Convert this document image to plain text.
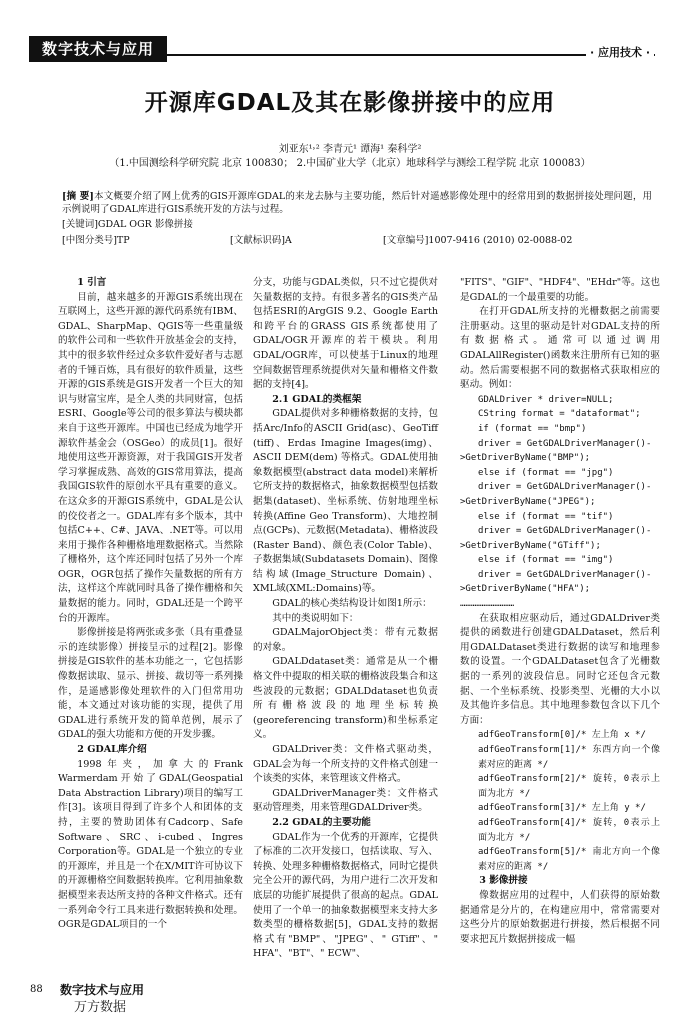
数字技术与应用	· 应用技术 ·
开源库GDAL及其在影像拼接中的应用
刘亚东¹˒² 李青元¹ 谭海¹ 秦科学²
（1.中国测绘科学研究院 北京 100830； 2.中国矿业大学（北京）地球科学与测绘工程学院 北京 100083）
[摘 要]本文概要介绍了网上优秀的GIS开源库GDAL的来龙去脉与主要功能，然后针对遥感影像处理中的经常用到的数据拼接处理问题，用示例说明了GDAL库进行GIS系统开发的方法与过程。
[关键词]GDAL OGR 影像拼接
[中图分类号]TP	[文献标识码]A	[文章编号]1007-9416 (2010) 02-0088-02
1 引言

目前，越来越多的开源GIS系统出现在互联网上，这些开源的源代码系统有IBM、GDAL、SharpMap、QGIS等一些重量级的软件公司和一些软件开放基金会的支持，其中的很多软件经过众多软件爱好者与志愿者的千锤百炼，具有很好的软件质量，这些开源的GIS系统是GIS开发者一个巨大的知识与财富宝库，是全人类的共同财富，包括ESRI、Google等公司的很多算法与模块都来自于这些开源库。中国也已经成为地学开源软件基金会（OSGeo）的成员[1]。很好地使用这些开源资源，对于我国GIS开发者学习掌握成熟、高效的GIS常用算法，提高我国GIS软件的原创水平具有重要的意义。在这众多的开源GIS系统中，GDAL是公认的佼佼者之一。GDAL库有多个版本，其中包括C++、C#、JAVA、.NET等。可以用来用于操作各种栅格地理数据格式。当然除了栅格外，这个库还同时包括了另外一个库OGR，OGR包括了操作矢量数据的所有方法，这样这个库就同时具备了操作栅格和矢量数据的能力。同时，GDAL还是一个跨平台的开源库。

影像拼接是将两张或多张（具有重叠显示的连续影像）拼接呈示的过程[2]。影像拼接是GIS软件的基本功能之一，它包括影像数据读取、显示、拼接、裁切等一系列操作，是遥感影像处理软件的入门但常用功能，本文通过对该功能的实现，提供了用GDAL进行系统开发的简单范例，展示了GDAL的强大功能和方便的开发步骤。

2 GDAL库介绍

1998年夹，加拿大的Frank Warmerdam开始了GDAL(Geospatial Data Abstraction Library)项目的编写工作[3]。该项目得到了许多个人和团体的支持，主要的赞助团体有Cadcorp、Safe Software、SRC、i-cubed、Ingres Corporation等。GDAL是一个独立的专业的开源库，并且是一个在X/MIT许可协议下的开源栅格空间数据转换库。它利用抽象数据模型来表达所支持的各种文件格式。还有一系列命令行工具来进行数据转换和处理。OGR是GDAL项目的一个

分支，功能与GDAL类似，只不过它提供对矢量数据的支持。有很多著名的GIS类产品包括ESRI的ArgGIS 9.2、Google Earth和跨平台的GRASS GIS系统都使用了GDAL/OGR开源库的若干模块。利用GDAL/OGR库，可以使基于Linux的地理空间数据管理系统提供对矢量和栅格文件数据的支持[4]。

2.1 GDAL的类框架

GDAL提供对多种栅格数据的支持，包括Arc/Info的ASCII Grid(asc)、GeoTiff (tiff)、Erdas Imagine Images(img)、ASCII DEM(dem) 等格式。GDAL使用抽象数据模型(abstract data model)来解析它所支持的数据格式，抽象数据模型包括数据集(dataset)、坐标系统、仿射地理坐标转换(Affine Geo Transform)、大地控制点(GCPs)、元数据(Metadata)、栅格波段(Raster Band)、颜色表(Color Table)、子数据集域(Subdatasets Domain)、图像结构域(Image_Structure Domain)、XML域(XML:Domains)等。

GDAL的核心类结构设计如图1所示：

其中的类说明如下：

GDALMajorObject类：带有元数据的对象。

GDALDdataset类：通常是从一个栅格文件中提取的相关联的栅格波段集合和这些波段的元数据；GDALDdataset也负责所有栅格波段的地理坐标转换(georeferencing transform)和坐标系定义。

GDALDriver类：文件格式驱动类，GDAL会为每一个所支持的文件格式创建一个该类的实体，来管理该文件格式。

GDALDriverManager类：文件格式驱动管理类，用来管理GDALDriver类。

2.2 GDAL的主要功能

GDAL作为一个优秀的开源库，它提供了标准的二次开发接口，包括读取、写入、转换、处理多种栅格数据格式，同时它提供完全公开的源代码，为用户进行二次开发和底层的功能扩展提供了很高的起点。GDAL使用了一个单一的抽象数据模型来支持大多数类型的栅格数据[5]，GDAL支持的数据格式有"BMP"、"JPEG"、" GTiff"、" HFA"、"BT"、" ECW"、

"FITS"、"GIF"、"HDF4"、"EHdr"等。这也是GDAL的一个最重要的功能。

在打开GDAL所支持的光栅数据之前需要注册驱动。这里的驱动是针对GDAL支持的所有数据格式。通常可以通过调用GDALAllRegister()函数来注册所有已知的驱动。然后需要根据不同的数据格式获取相应的驱动。例如：

GDALDriver * driver=NULL;

CString format = "dataformat";

if (format == "bmp")

driver = GetGDALDriverManager()-

>GetDriverByName("BMP");

else if (format == "jpg")

driver = GetGDALDriverManager()-

>GetDriverByName("JPEG");

else if (format == "tif")

driver = GetGDALDriverManager()-

>GetDriverByName("GTiff");

else if (format == "img")

driver = GetGDALDriverManager()-

>GetDriverByName("HFA");

…………………………

在获取相应驱动后，通过GDALDriver类提供的函数进行创建GDALDataset，然后利用GDALDataset类进行数据的读写和地理参数的设置。一个GDALDataset包含了光栅数据的一系列的波段信息。同时它还包含元数据、一个坐标系统、投影类型、光栅的大小以及其他许多信息。其中地理参数包含以下几个方面：

adfGeoTransform[0]/* 左上角 x */

adfGeoTransform[1]/* 东西方向一个像素对应的距离 */

adfGeoTransform[2]/* 旋转，0表示上面为北方 */

adfGeoTransform[3]/* 左上角 y */

adfGeoTransform[4]/* 旋转，0表示上面为北方 */

adfGeoTransform[5]/* 南北方向一个像素对应的距离 */

3 影像拼接

像数据应用的过程中，人们获得的原始数据通常是分片的，在构建应用中，常常需要对这些分片的原始数据进行拼接，然后根据不同要求把瓦片数据拼接成一幅

88 数字技术与应用
万方数据
